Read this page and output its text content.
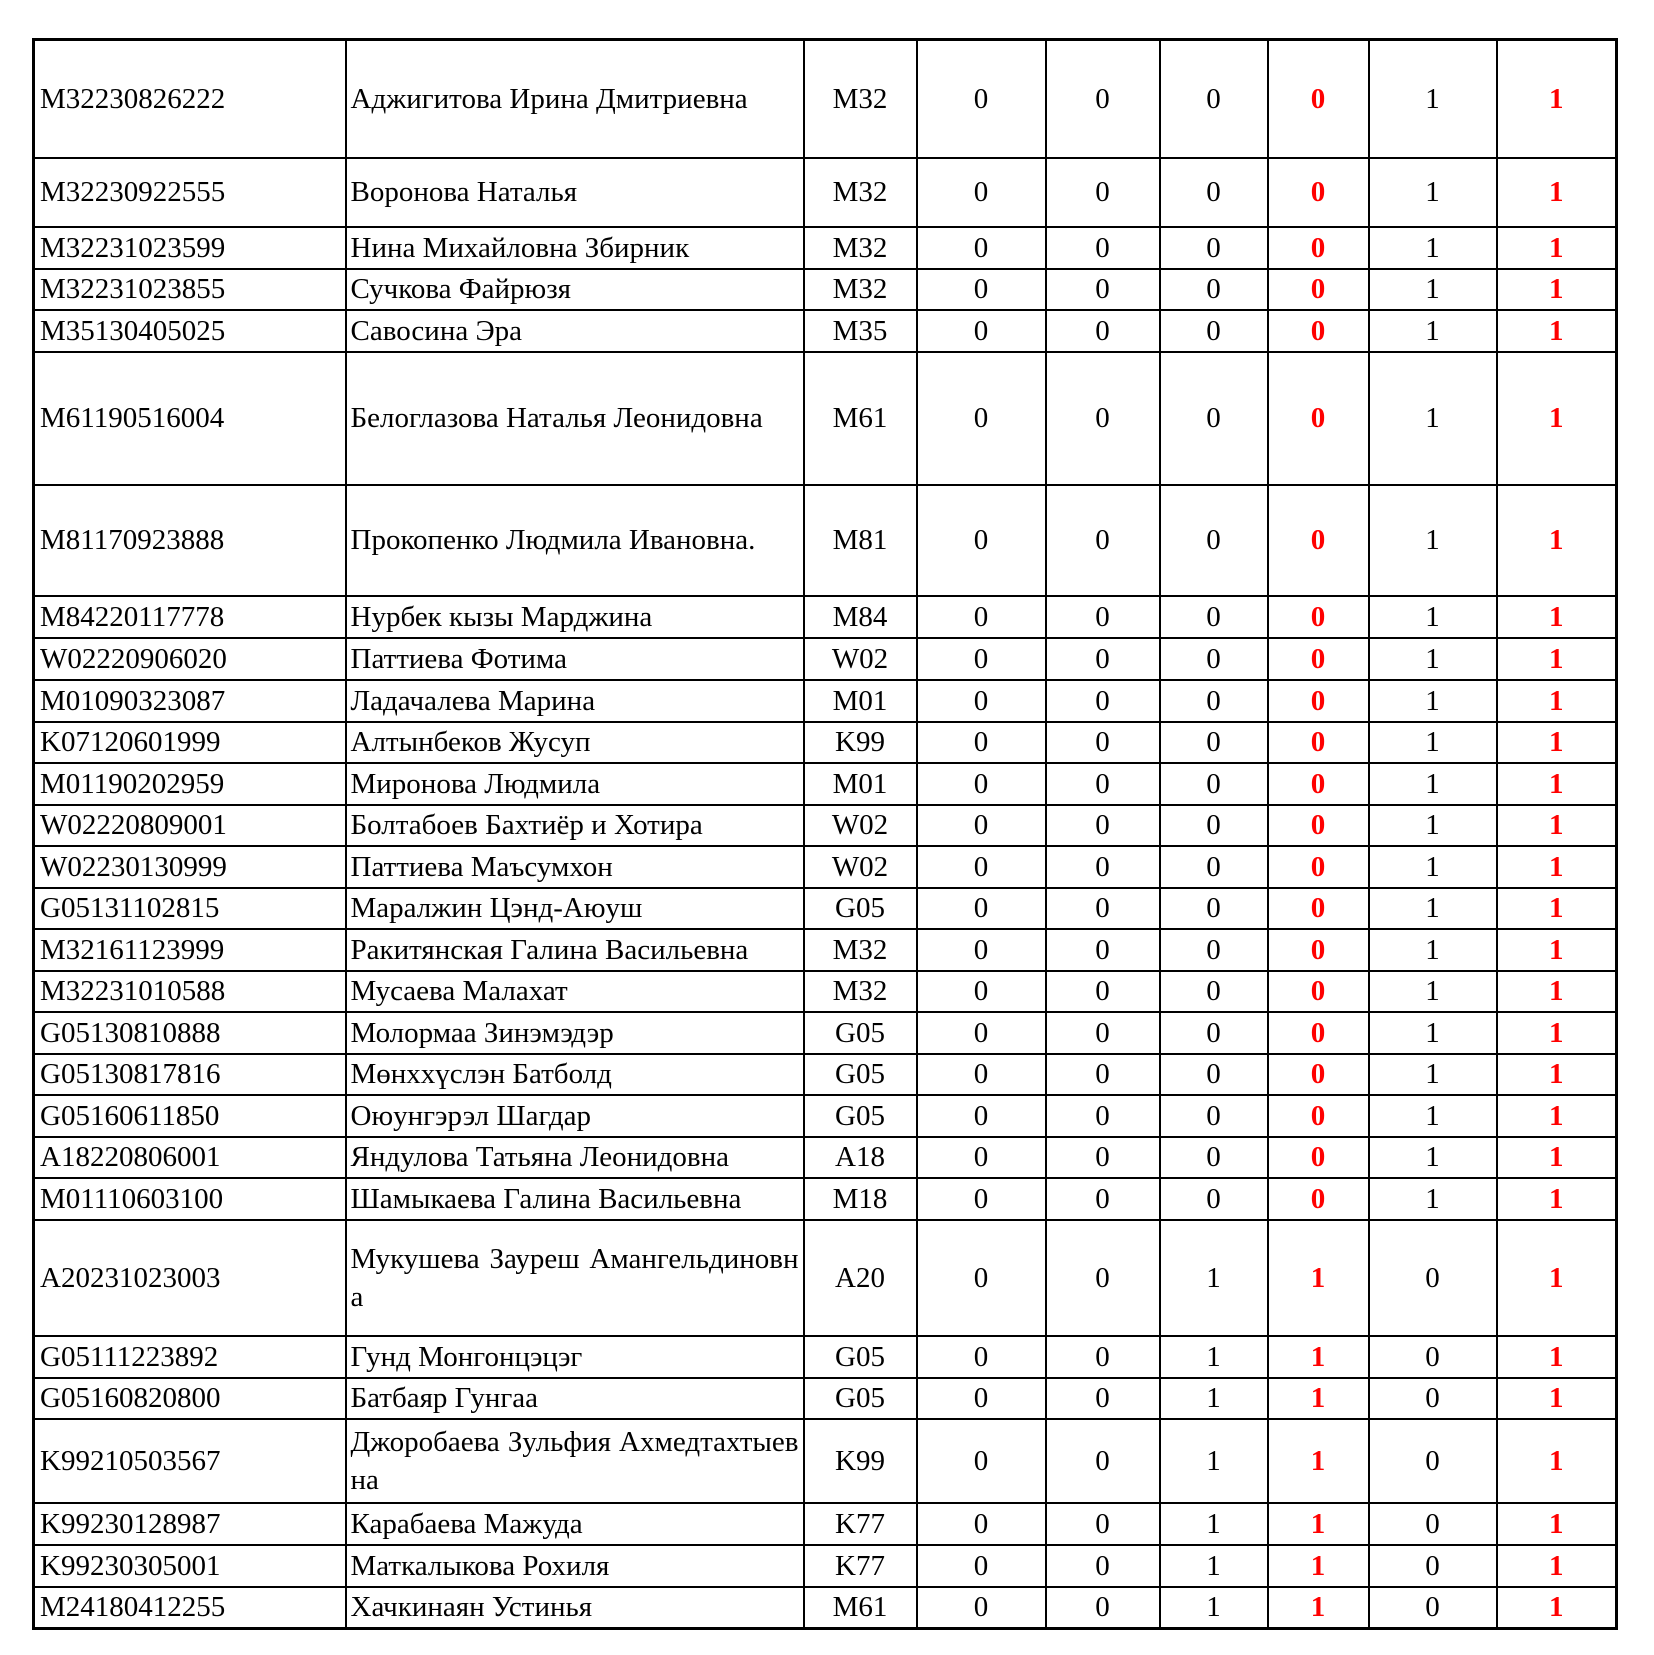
M32230826222	Аджигитова Ирина Дмитриевна	M32	0	0	0	0	1	1
M32230922555	Воронова Наталья	M32	0	0	0	0	1	1
M32231023599	Нина Михайловна Збирник	M32	0	0	0	0	1	1
M32231023855	Сучкова Файрюзя	M32	0	0	0	0	1	1
M35130405025	Савосина Эра	M35	0	0	0	0	1	1
M61190516004	Белоглазова Наталья Леонидовна	M61	0	0	0	0	1	1
M81170923888	Прокопенко Людмила Ивановна.	M81	0	0	0	0	1	1
M84220117778	Нурбек кызы Марджина	M84	0	0	0	0	1	1
W02220906020	Паттиева Фотима	W02	0	0	0	0	1	1
M01090323087	Ладачалева Марина	M01	0	0	0	0	1	1
K07120601999	Алтынбеков Жусуп	K99	0	0	0	0	1	1
M01190202959	Миронова Людмила	M01	0	0	0	0	1	1
W02220809001	Болтабоев Бахтиёр и Хотира	W02	0	0	0	0	1	1
W02230130999	Паттиева Маъсумхон	W02	0	0	0	0	1	1
G05131102815	Маралжин Цэнд-Аюуш	G05	0	0	0	0	1	1
M32161123999	Ракитянская Галина Васильевна	M32	0	0	0	0	1	1
M32231010588	Мусаева Малахат	M32	0	0	0	0	1	1
G05130810888	Молормаа Зинэмэдэр	G05	0	0	0	0	1	1
G05130817816	Мөнххүслэн Батболд	G05	0	0	0	0	1	1
G05160611850	Оюунгэрэл Шагдар	G05	0	0	0	0	1	1
A18220806001	Яндулова Татьяна Леонидовна	A18	0	0	0	0	1	1
M01110603100	Шамыкаева Галина Васильевна	M18	0	0	0	0	1	1
A20231023003	Мукушева Зауреш Амангельдиновна	A20	0	0	1	1	0	1
G05111223892	Гунд Монгонцэцэг	G05	0	0	1	1	0	1
G05160820800	Батбаяр Гунгаа	G05	0	0	1	1	0	1
K99210503567	Джоробаева Зульфия Ахмедтахтыевна	K99	0	0	1	1	0	1
K99230128987	Карабаева Мажуда	K77	0	0	1	1	0	1
K99230305001	Маткалыкова Рохиля	K77	0	0	1	1	0	1
M24180412255	Хачкинаян Устинья	M61	0	0	1	1	0	1
